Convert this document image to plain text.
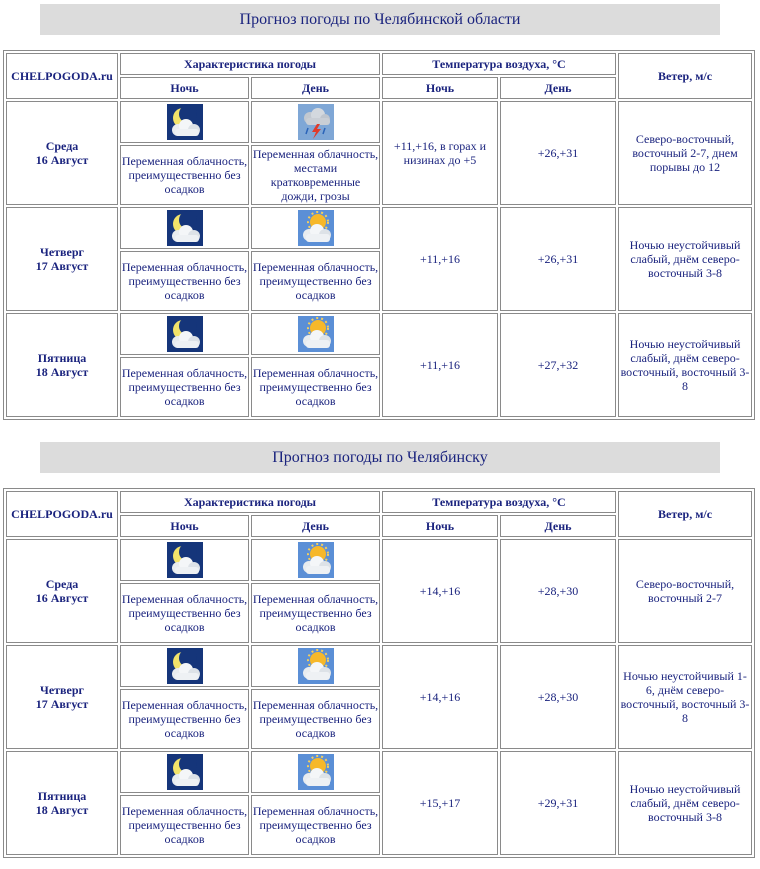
Прогноз погоды по Челябинской области
CHELPOGODA.ru	Характеристика погоды		Температура воздуха, °C		Ветер, м/с
	Ночь	День	Ночь	День	
Среда
16 Август			+11,+16, в горах и низинах до +5	+26,+31	Северо-восточный, восточный 2-7, днем порывы до 12
	Переменная облачность, преимущественно без осадков	Переменная облачность, местами кратковременные дожди, грозы			
Четверг
17 Август			+11,+16	+26,+31	Ночью неустойчивый слабый, днём северо-восточный 3-8
	Переменная облачность, преимущественно без осадков	Переменная облачность, преимущественно без осадков			
Пятница
18 Август			+11,+16	+27,+32	Ночью неустойчивый слабый, днём северо-восточный, восточный 3-8
	Переменная облачность, преимущественно без осадков	Переменная облачность, преимущественно без осадков			
Прогноз погоды по Челябинску
CHELPOGODA.ru	Характеристика погоды		Температура воздуха, °C		Ветер, м/с
	Ночь	День	Ночь	День	
Среда
16 Август			+14,+16	+28,+30	Северо-восточный, восточный 2-7
	Переменная облачность, преимущественно без осадков	Переменная облачность, преимущественно без осадков			
Четверг
17 Август			+14,+16	+28,+30	Ночью неустойчивый 1-6, днём северо-восточный, восточный 3-8
	Переменная облачность, преимущественно без осадков	Переменная облачность, преимущественно без осадков			
Пятница
18 Август			+15,+17	+29,+31	Ночью неустойчивый слабый, днём северо-восточный 3-8
	Переменная облачность, преимущественно без осадков	Переменная облачность, преимущественно без осадков			
